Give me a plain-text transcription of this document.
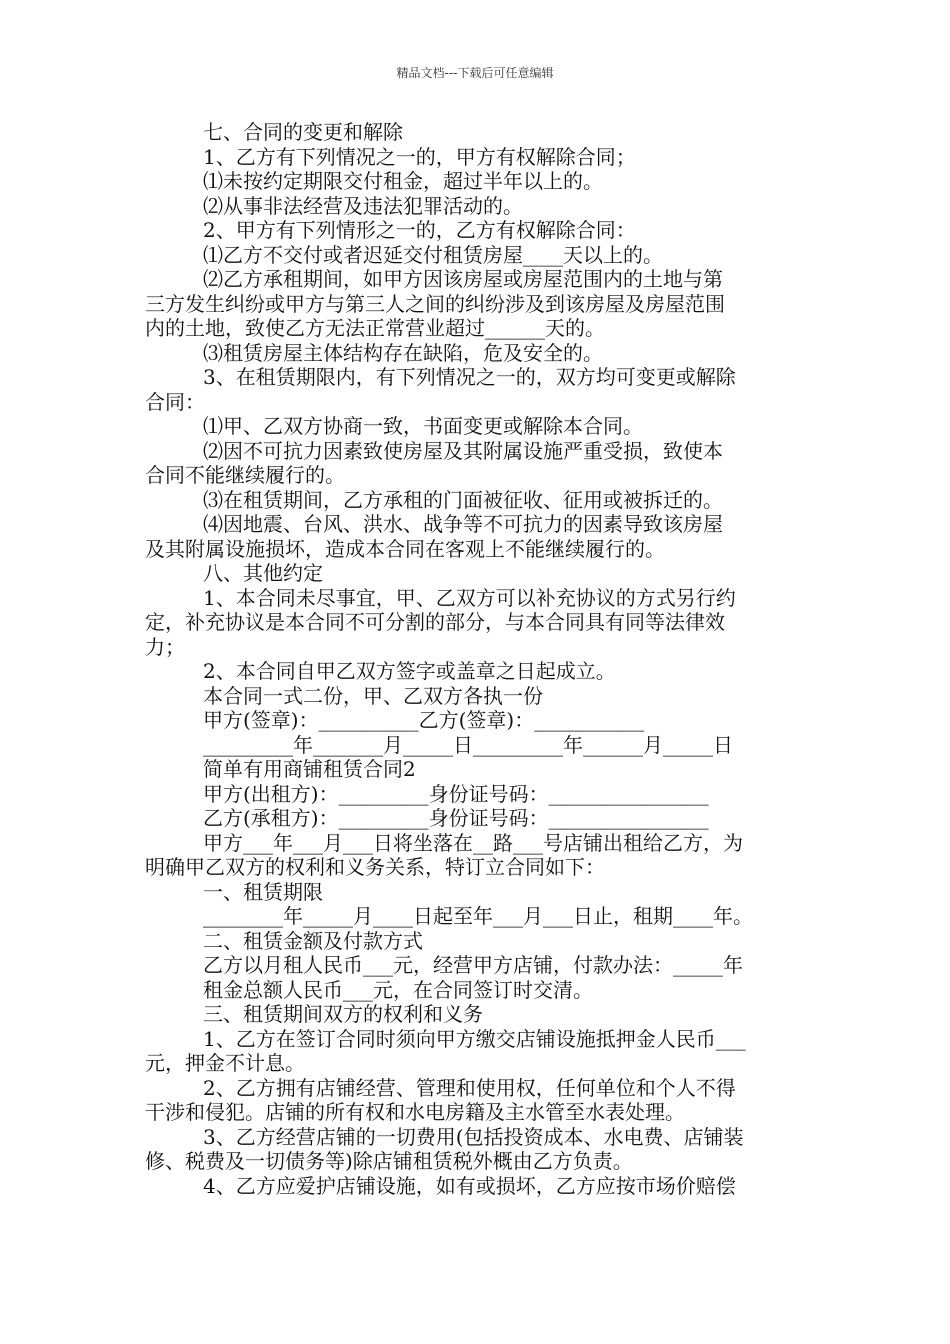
精品文档---下载后可任意编辑
七、合同的变更和解除
1、乙方有下列情况之一的，甲方有权解除合同；
⑴未按约定期限交付租金，超过半年以上的。
⑵从事非法经营及违法犯罪活动的。
2、甲方有下列情形之一的，乙方有权解除合同：
⑴乙方不交付或者迟延交付租赁房屋____天以上的。
⑵乙方承租期间，如甲方因该房屋或房屋范围内的土地与第
三方发生纠纷或甲方与第三人之间的纠纷涉及到该房屋及房屋范围
内的土地，致使乙方无法正常营业超过______天的。
⑶租赁房屋主体结构存在缺陷，危及安全的。
3、在租赁期限内，有下列情况之一的，双方均可变更或解除
合同：
⑴甲、乙双方协商一致，书面变更或解除本合同。
⑵因不可抗力因素致使房屋及其附属设施严重受损，致使本
合同不能继续履行的。
⑶在租赁期间，乙方承租的门面被征收、征用或被拆迁的。
⑷因地震、台风、洪水、战争等不可抗力的因素导致该房屋
及其附属设施损坏，造成本合同在客观上不能继续履行的。
八、其他约定
1、本合同未尽事宜，甲、乙双方可以补充协议的方式另行约
定，补充协议是本合同不可分割的部分，与本合同具有同等法律效
力；
2、本合同自甲乙双方签字或盖章之日起成立。
本合同一式二份，甲、乙双方各执一份
甲方(签章)：__________乙方(签章)：___________
_________年_______月_____日_________年______月_____日
简单有用商铺租赁合同2
甲方(出租方)：_________身份证号码：________________
乙方(承租方)：_________身份证号码：________________
甲方___年___月___日将坐落在__路___号店铺出租给乙方，为
明确甲乙双方的权利和义务关系，特订立合同如下：
一、租赁期限
________年_____月____日起至年___月___日止，租期____年。
二、租赁金额及付款方式
乙方以月租人民币___元，经营甲方店铺，付款办法：_____年
租金总额人民币___元，在合同签订时交清。
三、租赁期间双方的权利和义务
1、乙方在签订合同时须向甲方缴交店铺设施抵押金人民币___
元，押金不计息。
2、乙方拥有店铺经营、管理和使用权，任何单位和个人不得
干涉和侵犯。店铺的所有权和水电房籍及主水管至水表处理。
3、乙方经营店铺的一切费用(包括投资成本、水电费、店铺装
修、税费及一切债务等)除店铺租赁税外概由乙方负责。
4、乙方应爱护店铺设施，如有或损坏，乙方应按市场价赔偿
